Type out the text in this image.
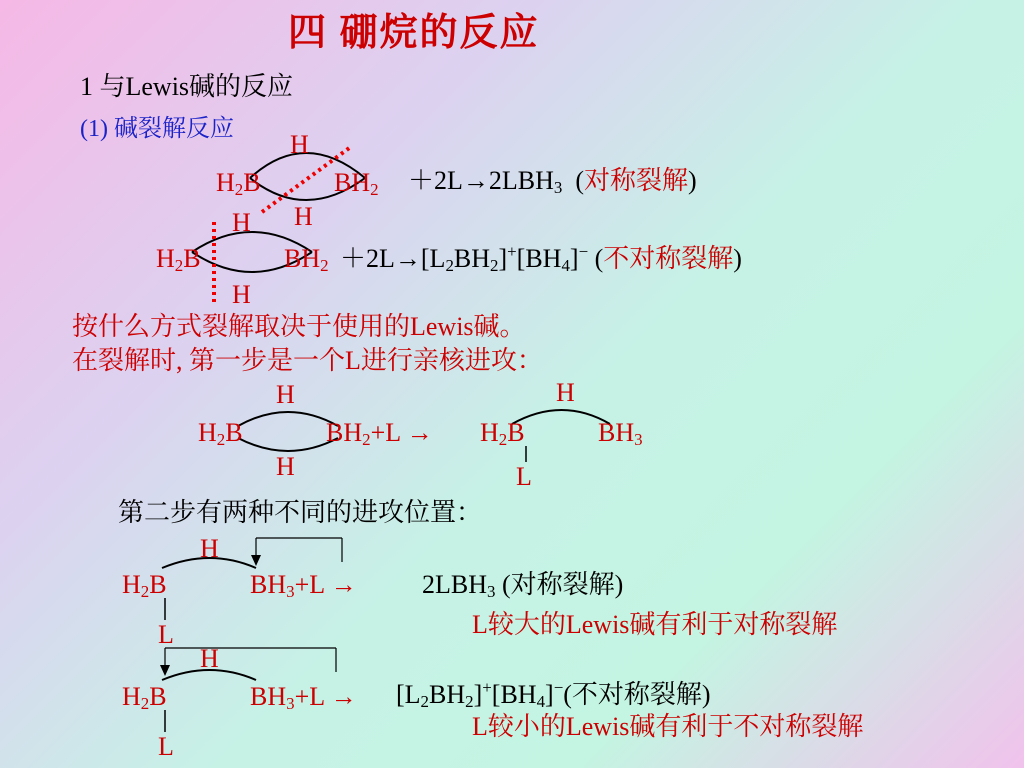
四 硼烷的反应
1 与Lewis碱的反应
(1) 碱裂解反应
H
$H_2B$	$BH_2$
H
$+2L\to 2LBH_3$ (对称裂解)
H
$H_2B$	$BH_2$
H
$+2L\to[L_2BH_2]^+[BH_4]^-$ (不对称裂解)
按什么方式裂解取决于使用的Lewis碱。
在裂解时, 第一步是一个L进行亲核进攻：
H
$H_2B$	$BH_2+L$ →
H
H
$H_2B$	$BH_3$
L
第二步有两种不同的进攻位置：
H
$H_2B$	$BH_3+L$ →	$2LBH_3$ (对称裂解)
L	L较大的Lewis碱有利于对称裂解
H
$H_2B$	$BH_3+L \to [L_2BH_2]^+[BH_4]^-$(不对称裂解)
L
L较小的Lewis碱有利于不对称裂解
